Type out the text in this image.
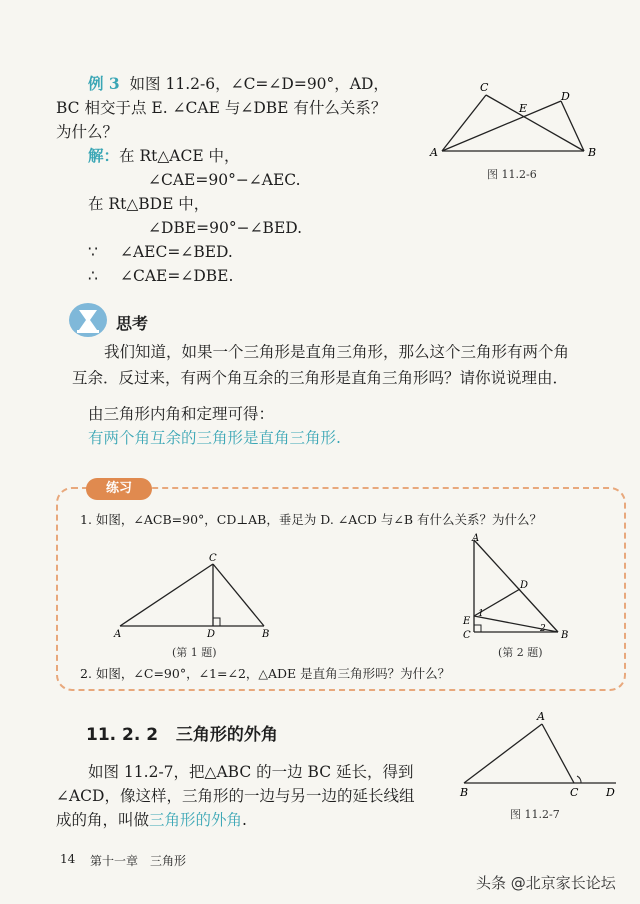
例 3 如图 11.2-6，∠C=∠D=90°，AD，
BC 相交于点 E. ∠CAE 与∠DBE 有什么关系？
为什么？
解：在 Rt△ACE 中，
∠CAE=90°−∠AEC.
在 Rt△BDE 中，
∠DBE=90°−∠BED.
∵ ∠AEC=∠BED.
∴ ∠CAE=∠DBE.
A	B
C
D
E
图 11.2-6
思考
我们知道，如果一个三角形是直角三角形，那么这个三角形有两个角
互余．反过来，有两个角互余的三角形是直角三角形吗？请你说说理由．
由三角形内角和定理可得：
有两个角互余的三角形是直角三角形.
练习
1. 如图，∠ACB=90°，CD⊥AB，垂足为 D. ∠ACD 与∠B 有什么关系？为什么？
A	B
C
D
(第 1 题)
A
B
C
D
E
1
2
(第 2 题)
2. 如图，∠C=90°，∠1=∠2，△ADE 是直角三角形吗？为什么？
11. 2. 2 三角形的外角
如图 11.2-7，把△ABC 的一边 BC 延长，得到
∠ACD，像这样，三角形的一边与另一边的延长线组
成的角，叫做三角形的外角.
B	C	D
A
图 11.2-7
14 第十一章　三角形
头条 @北京家长论坛
